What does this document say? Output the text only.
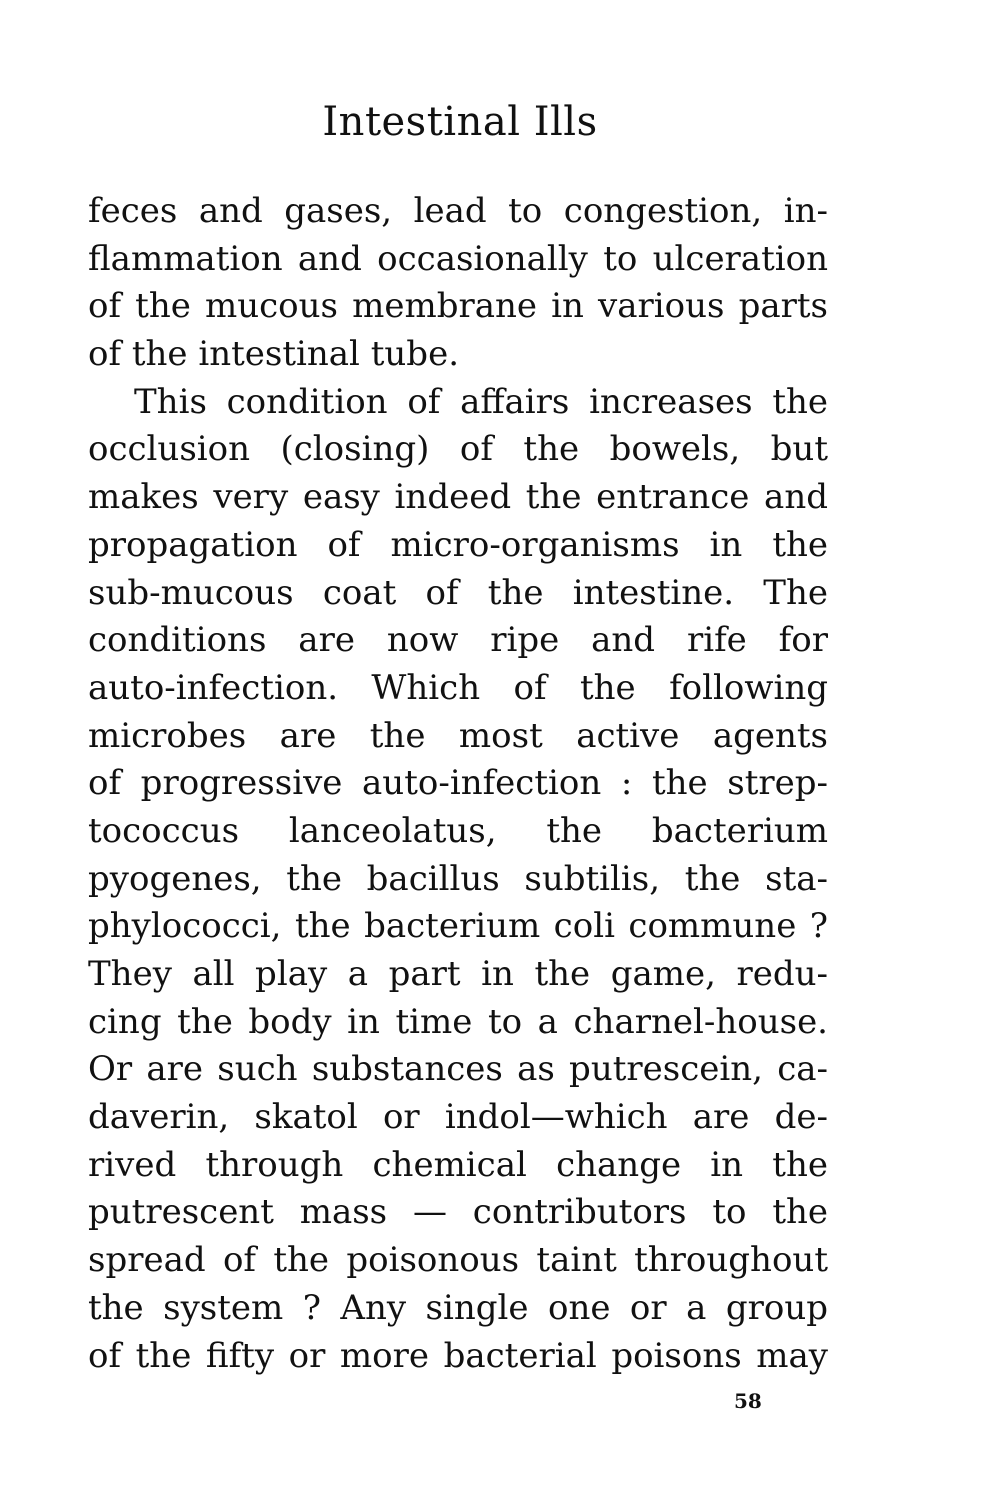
Intestinal Ills
feces and gases, lead to congestion, in-
flammation and occasionally to ulceration
of the mucous membrane in various parts
of the intestinal tube.
This condition of affairs increases the
occlusion (closing) of the bowels, but
makes very easy indeed the entrance and
propagation of micro-organisms in the
sub-mucous coat of the intestine. The
conditions are now ripe and rife for
auto-infection. Which of the following
microbes are the most active agents
of progressive auto-infection : the strep-
tococcus lanceolatus, the bacterium
pyogenes, the bacillus subtilis, the sta-
phylococci, the bacterium coli commune ?
They all play a part in the game, redu-
cing the body in time to a charnel-house.
Or are such substances as putrescein, ca-
daverin, skatol or indol—which are de-
rived through chemical change in the
putrescent mass — contributors to the
spread of the poisonous taint throughout
the system ? Any single one or a group
of the fifty or more bacterial poisons may
58
